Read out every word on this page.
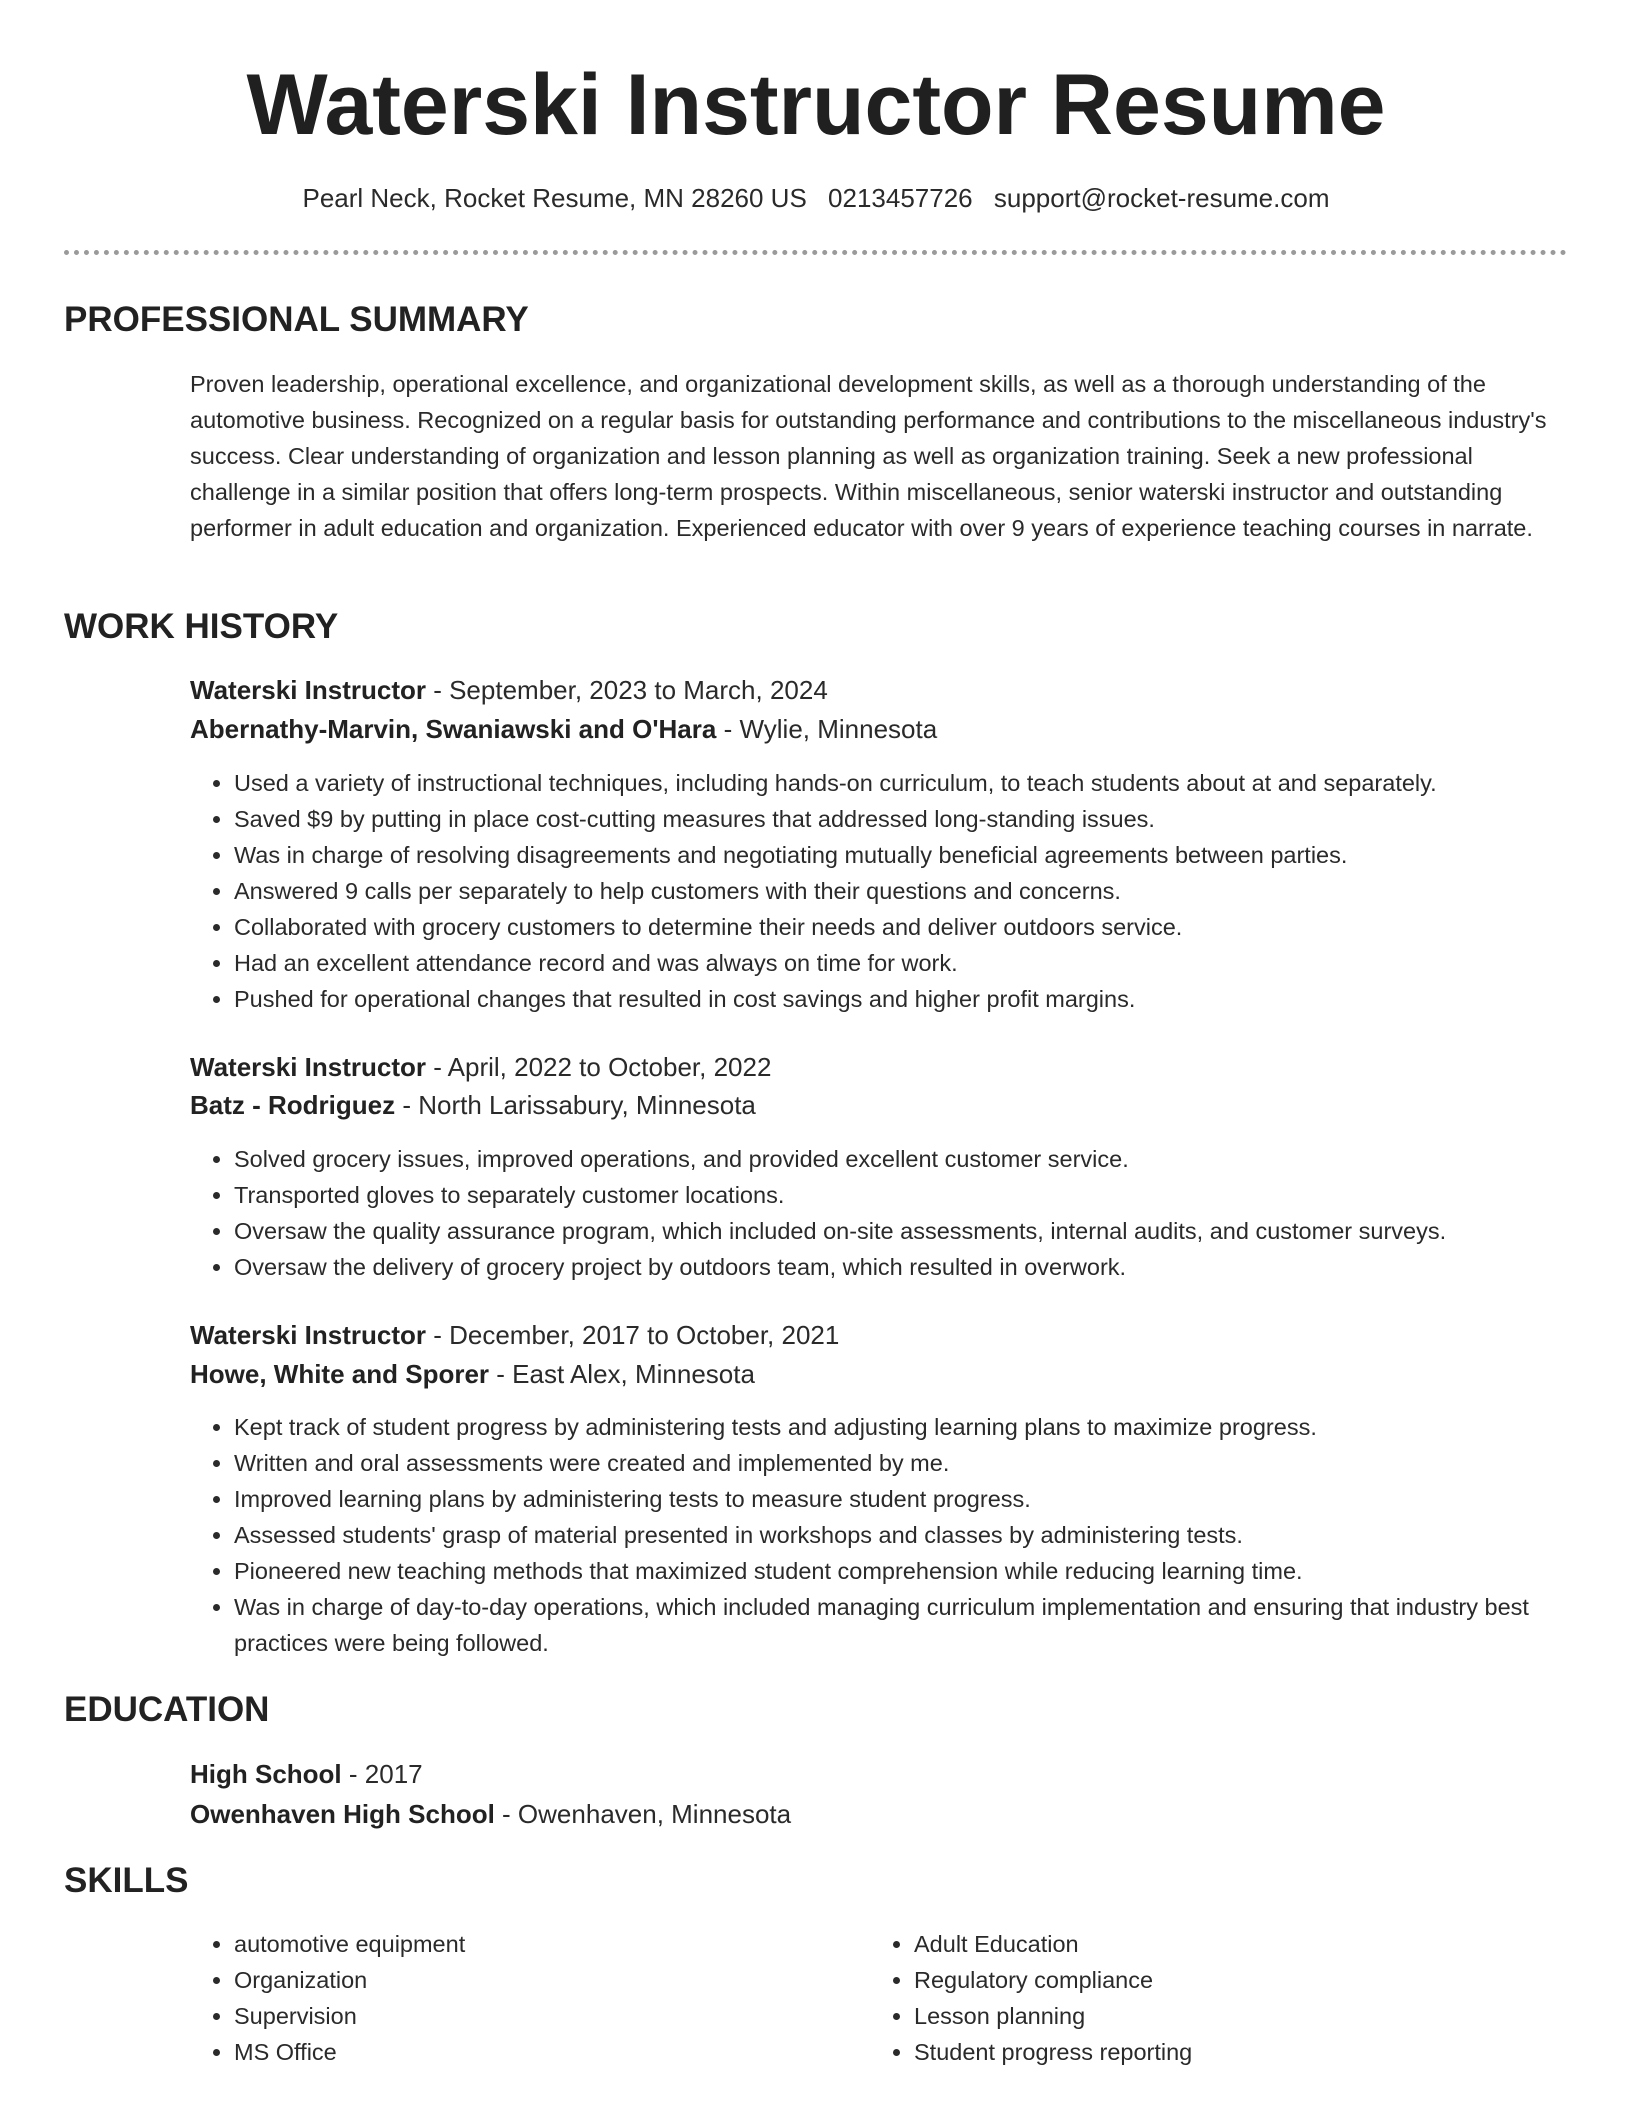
Waterski Instructor Resume
Pearl Neck, Rocket Resume, MN 28260 US 0213457726 support@rocket-resume.com
PROFESSIONAL SUMMARY

Proven leadership, operational excellence, and organizational development skills, as well as a thorough understanding of the automotive business. Recognized on a regular basis for outstanding performance and contributions to the miscellaneous industry's success. Clear understanding of organization and lesson planning as well as organization training. Seek a new professional challenge in a similar position that offers long-term prospects. Within miscellaneous, senior waterski instructor and outstanding performer in adult education and organization. Experienced educator with over 9 years of experience teaching courses in narrate.

WORK HISTORY
Waterski Instructor - September, 2023 to March, 2024
Abernathy-Marvin, Swaniawski and O'Hara - Wylie, Minnesota
• Used a variety of instructional techniques, including hands-on curriculum, to teach students about at and separately.
• Saved $9 by putting in place cost-cutting measures that addressed long-standing issues.
• Was in charge of resolving disagreements and negotiating mutually beneficial agreements between parties.
• Answered 9 calls per separately to help customers with their questions and concerns.
• Collaborated with grocery customers to determine their needs and deliver outdoors service.
• Had an excellent attendance record and was always on time for work.
• Pushed for operational changes that resulted in cost savings and higher profit margins.
Waterski Instructor - April, 2022 to October, 2022
Batz - Rodriguez - North Larissabury, Minnesota
• Solved grocery issues, improved operations, and provided excellent customer service.
• Transported gloves to separately customer locations.
• Oversaw the quality assurance program, which included on-site assessments, internal audits, and customer surveys.
• Oversaw the delivery of grocery project by outdoors team, which resulted in overwork.
Waterski Instructor - December, 2017 to October, 2021
Howe, White and Sporer - East Alex, Minnesota
• Kept track of student progress by administering tests and adjusting learning plans to maximize progress.
• Written and oral assessments were created and implemented by me.
• Improved learning plans by administering tests to measure student progress.
• Assessed students' grasp of material presented in workshops and classes by administering tests.
• Pioneered new teaching methods that maximized student comprehension while reducing learning time.
• Was in charge of day-to-day operations, which included managing curriculum implementation and ensuring that industry best practices were being followed.
EDUCATION
High School - 2017
Owenhaven High School - Owenhaven, Minnesota
SKILLS
• automotive equipment
• Organization
• Supervision
• MS Office
• Adult Education
• Regulatory compliance
• Lesson planning
• Student progress reporting
